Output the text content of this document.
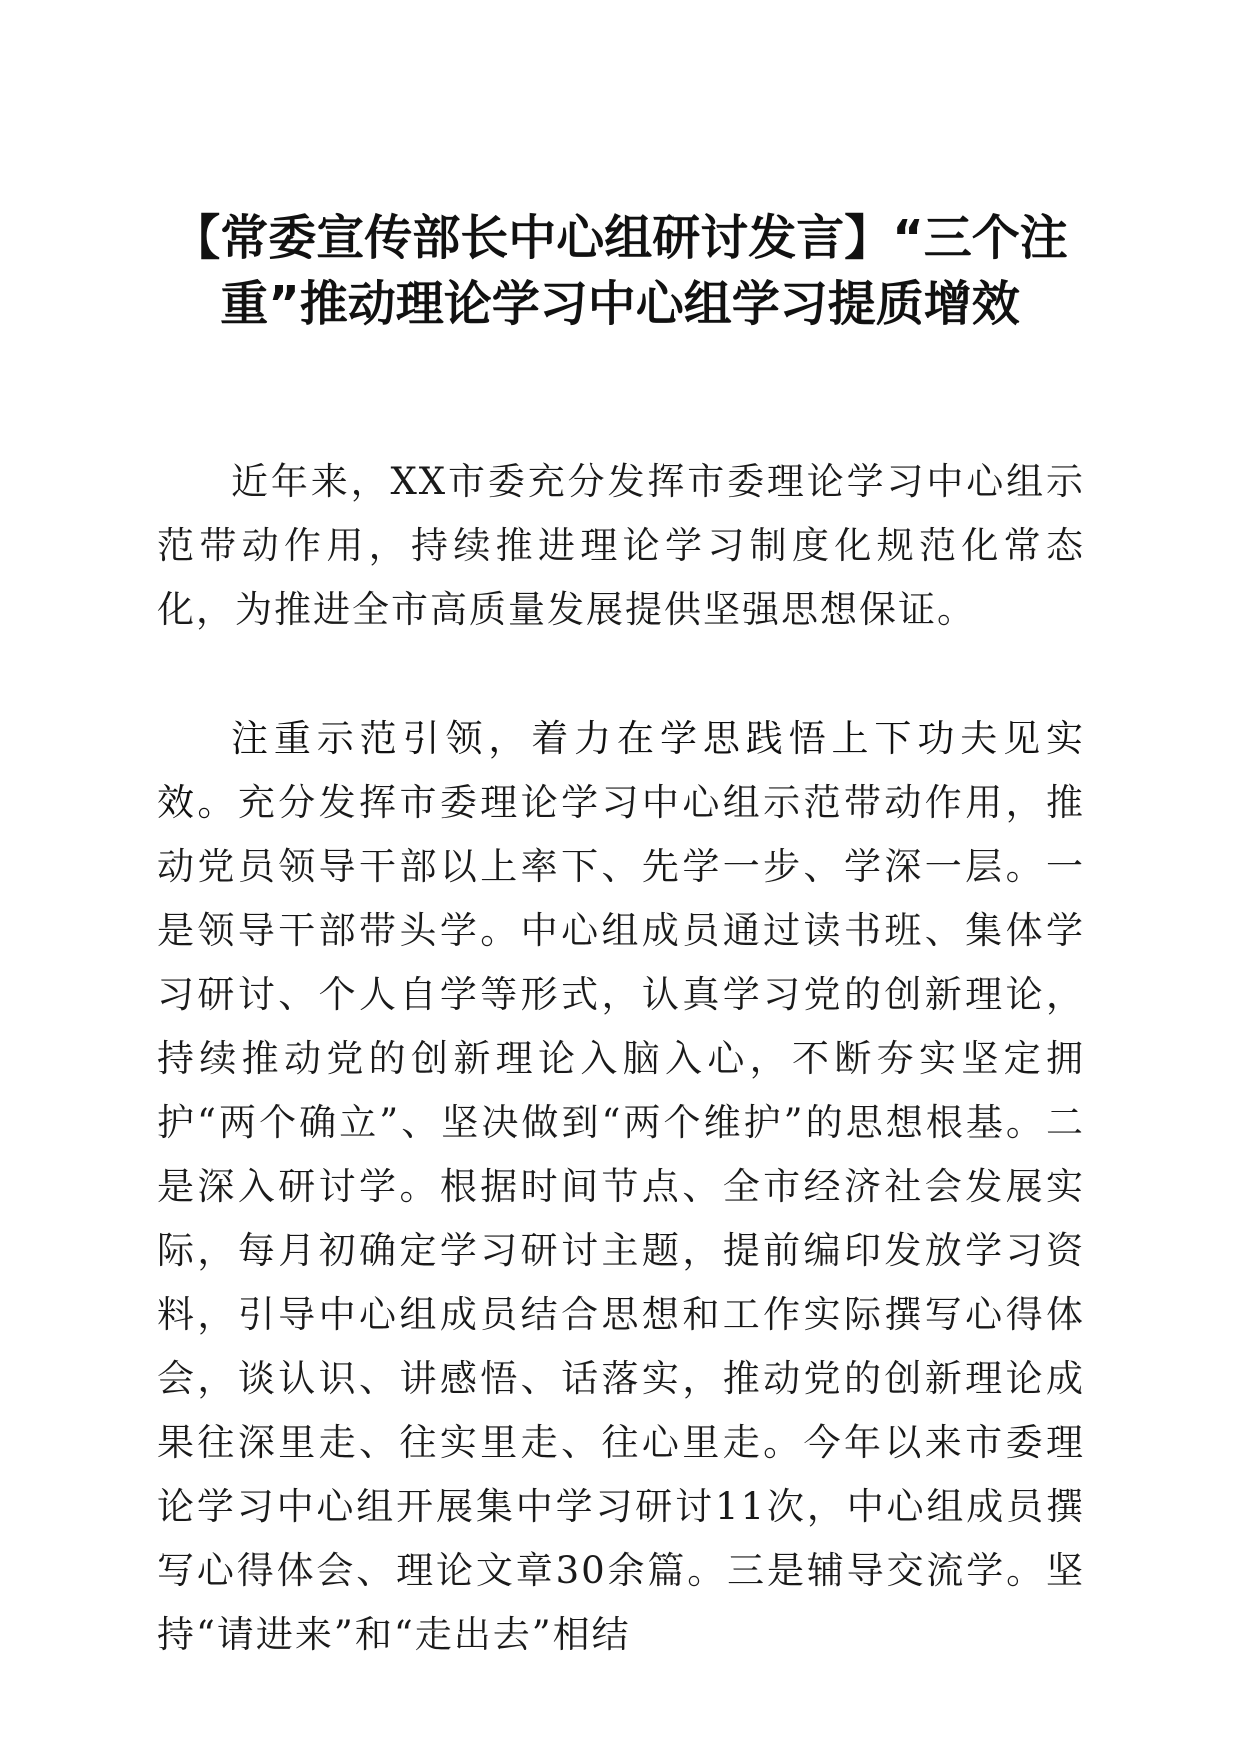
【常委宣传部长中心组研讨发言】“三个注重”推动理论学习中心组学习提质增效

近年来，XX市委充分发挥市委理论学习中心组示范带动作用，持续推进理论学习制度化规范化常态化，为推进全市高质量发展提供坚强思想保证。

注重示范引领，着力在学思践悟上下功夫见实效。充分发挥市委理论学习中心组示范带动作用，推动党员领导干部以上率下、先学一步、学深一层。一是领导干部带头学。中心组成员通过读书班、集体学习研讨、个人自学等形式，认真学习党的创新理论，持续推动党的创新理论入脑入心，不断夯实坚定拥护“两个确立”、坚决做到“两个维护”的思想根基。二是深入研讨学。根据时间节点、全市经济社会发展实际，每月初确定学习研讨主题，提前编印发放学习资料，引导中心组成员结合思想和工作实际撰写心得体会，谈认识、讲感悟、话落实，推动党的创新理论成果往深里走、往实里走、往心里走。今年以来市委理论学习中心组开展集中学习研讨11次，中心组成员撰写心得体会、理论文章30余篇。三是辅导交流学。坚持“请进来”和“走出去”相结
